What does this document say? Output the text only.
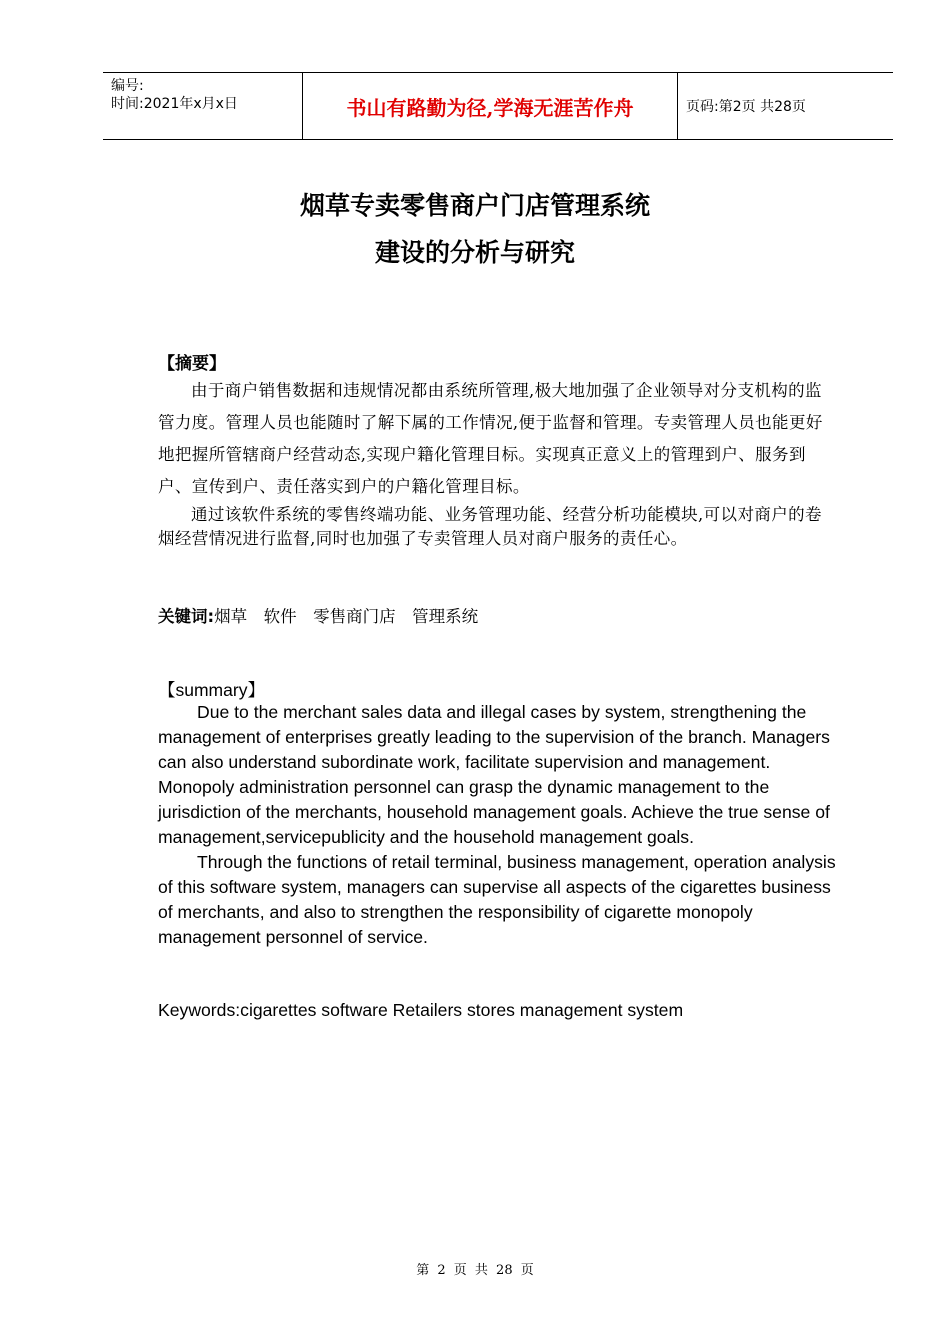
编号:
时间:2021年x月x日	书山有路勤为径,学海无涯苦作舟	页码:第2页 共28页
烟草专卖零售商户门店管理系统
建设的分析与研究
【摘要】

由于商户销售数据和违规情况都由系统所管理,极大地加强了企业领导对分支机构的监管力度。管理人员也能随时了解下属的工作情况,便于监督和管理。专卖管理人员也能更好地把握所管辖商户经营动态,实现户籍化管理目标。实现真正意义上的管理到户、服务到户、宣传到户、责任落实到户的户籍化管理目标。

通过该软件系统的零售终端功能、业务管理功能、经营分析功能模块,可以对商户的卷烟经营情况进行监督,同时也加强了专卖管理人员对商户服务的责任心。

关键词:烟草　软件　零售商门店　管理系统
【summary】

Due to the merchant sales data and illegal cases by system, strengthening the management of enterprises greatly leading to the supervision of the branch. Managers can also understand subordinate work, facilitate supervision and management. Monopoly administration personnel can grasp the dynamic management to the jurisdiction of the merchants, household management goals. Achieve the true sense of management,servicepublicity and the household management goals.

Through the functions of retail terminal, business management, operation analysis of this software system, managers can supervise all aspects of the cigarettes business of merchants, and also to strengthen the responsibility of cigarette monopoly management personnel of service.

Keywords:cigarettes software Retailers stores management system
第 2 页 共 28 页
